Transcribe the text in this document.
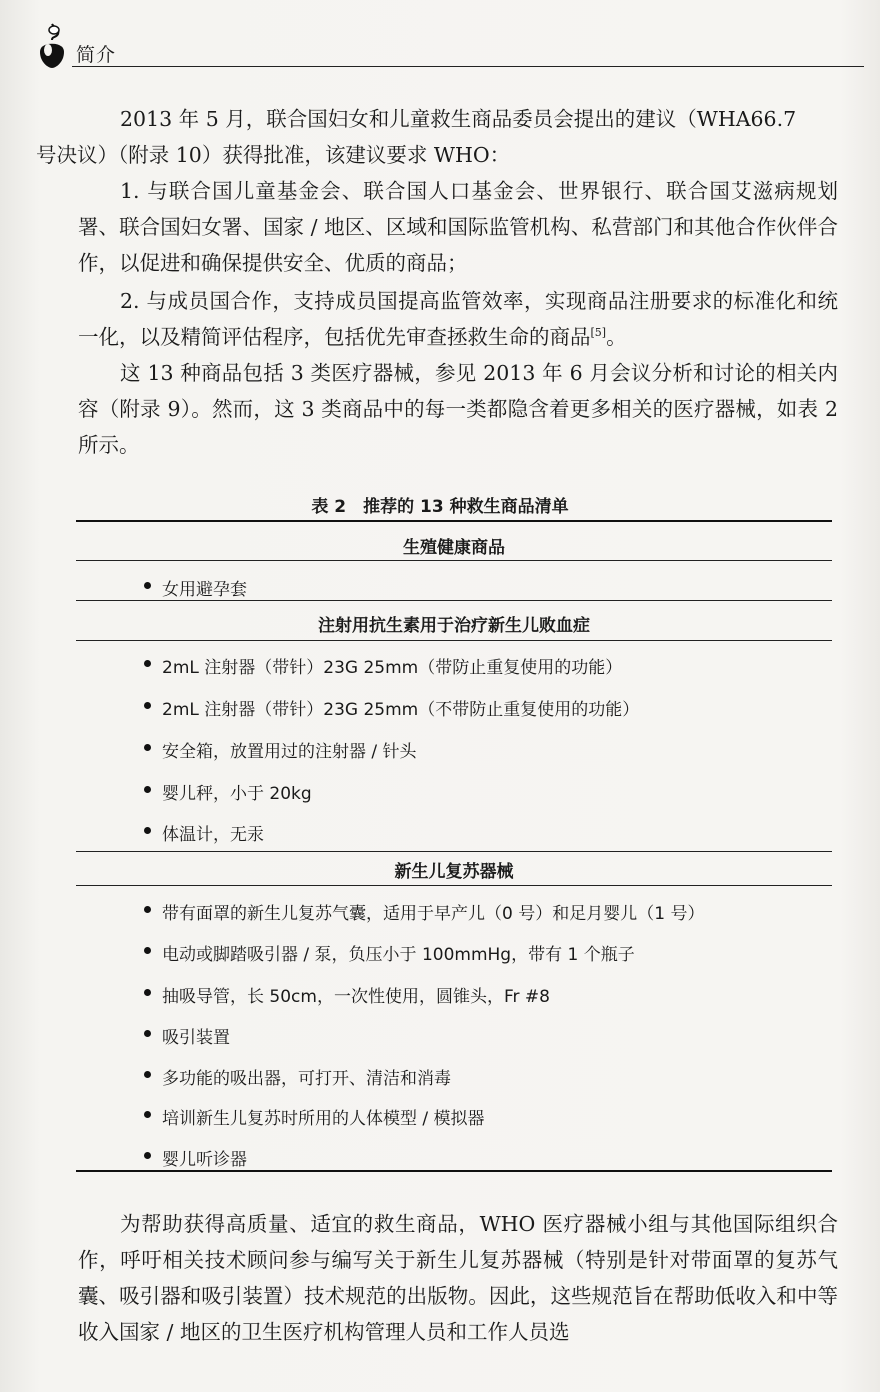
简介

2013 年 5 月，联合国妇女和儿童救生商品委员会提出的建议（WHA66.7
号决议）（附录 10）获得批准，该建议要求 WHO：

1. 与联合国儿童基金会、联合国人口基金会、世界银行、联合国艾滋病规划署、联合国妇女署、国家 / 地区、区域和国际监管机构、私营部门和其他合作伙伴合作，以促进和确保提供安全、优质的商品；

2. 与成员国合作，支持成员国提高监管效率，实现商品注册要求的标准化和统一化，以及精简评估程序，包括优先审查拯救生命的商品[5]。

这 13 种商品包括 3 类医疗器械，参见 2013 年 6 月会议分析和讨论的相关内容（附录 9）。然而，这 3 类商品中的每一类都隐含着更多相关的医疗器械，如表 2 所示。

表 2　推荐的 13 种救生商品清单
生殖健康商品
女用避孕套
注射用抗生素用于治疗新生儿败血症
2mL 注射器（带针）23G 25mm（带防止重复使用的功能）
2mL 注射器（带针）23G 25mm（不带防止重复使用的功能）
安全箱，放置用过的注射器 / 针头
婴儿秤，小于 20kg
体温计，无汞
新生儿复苏器械
带有面罩的新生儿复苏气囊，适用于早产儿（0 号）和足月婴儿（1 号）
电动或脚踏吸引器 / 泵，负压小于 100mmHg，带有 1 个瓶子
抽吸导管，长 50cm，一次性使用，圆锥头，Fr #8
吸引装置
多功能的吸出器，可打开、清洁和消毒
培训新生儿复苏时所用的人体模型 / 模拟器
婴儿听诊器

为帮助获得高质量、适宜的救生商品，WHO 医疗器械小组与其他国际组织合作，呼吁相关技术顾问参与编写关于新生儿复苏器械（特别是针对带面罩的复苏气囊、吸引器和吸引装置）技术规范的出版物。因此，这些规范旨在帮助低收入和中等收入国家 / 地区的卫生医疗机构管理人员和工作人员选
